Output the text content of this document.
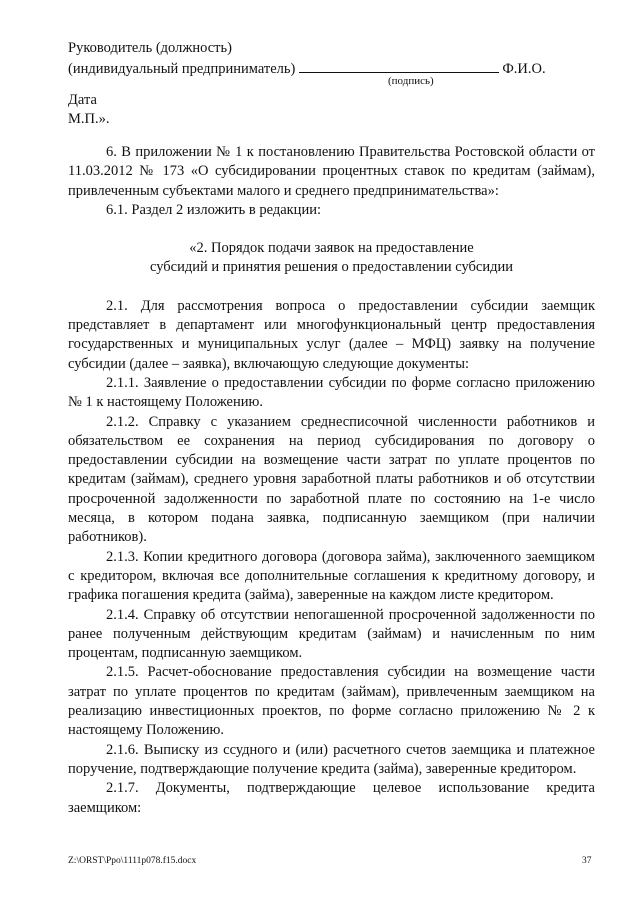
Руководитель (должность)
(индивидуальный предприниматель)	Ф.И.О.
(подпись)
Дата
М.П.».

6. В приложении № 1 к постановлению Правительства Ростовской области от 11.03.2012 № 173 «О субсидировании процентных ставок по кредитам (займам), привлеченным субъектами малого и среднего предпринимательства»:

6.1. Раздел 2 изложить в редакции:

«2. Порядок подачи заявок на предоставление
субсидий и принятия решения о предоставлении субсидии

2.1. Для рассмотрения вопроса о предоставлении субсидии заемщик представляет в департамент или многофункциональный центр предоставления государственных и муниципальных услуг (далее – МФЦ) заявку на получение субсидии (далее – заявка), включающую следующие документы:

2.1.1. Заявление о предоставлении субсидии по форме согласно приложению № 1 к настоящему Положению.

2.1.2. Справку с указанием среднесписочной численности работников и обязательством ее сохранения на период субсидирования по договору о предоставлении субсидии на возмещение части затрат по уплате процентов по кредитам (займам), среднего уровня заработной платы работников и об отсутствии просроченной задолженности по заработной плате по состоянию на 1-е число месяца, в котором подана заявка, подписанную заемщиком (при наличии работников).

2.1.3. Копии кредитного договора (договора займа), заключенного заемщиком с кредитором, включая все дополнительные соглашения к кредитному договору, и графика погашения кредита (займа), заверенные на каждом листе кредитором.

2.1.4. Справку об отсутствии непогашенной просроченной задолженности по ранее полученным действующим кредитам (займам) и начисленным по ним процентам, подписанную заемщиком.

2.1.5. Расчет-обоснование предоставления субсидии на возмещение части затрат по уплате процентов по кредитам (займам), привлеченным заемщиком на реализацию инвестиционных проектов, по форме согласно приложению № 2 к настоящему Положению.

2.1.6. Выписку из ссудного и (или) расчетного счетов заемщика и платежное поручение, подтверждающие получение кредита (займа), заверенные кредитором.

2.1.7. Документы, подтверждающие целевое использование кредита заемщиком:

Z:\ORST\Ppo\1111p078.f15.docx	37
